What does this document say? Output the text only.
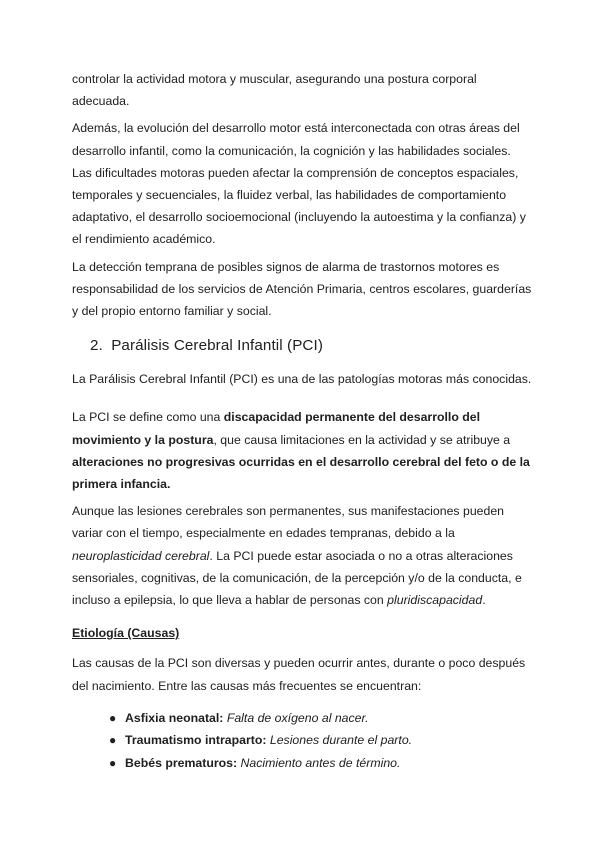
controlar la actividad motora y muscular, asegurando una postura corporal adecuada.

Además, la evolución del desarrollo motor está interconectada con otras áreas del desarrollo infantil, como la comunicación, la cognición y las habilidades sociales. Las dificultades motoras pueden afectar la comprensión de conceptos espaciales, temporales y secuenciales, la fluidez verbal, las habilidades de comportamiento adaptativo, el desarrollo socioemocional (incluyendo la autoestima y la confianza) y el rendimiento académico.

La detección temprana de posibles signos de alarma de trastornos motores es responsabilidad de los servicios de Atención Primaria, centros escolares, guarderías y del propio entorno familiar y social.

2. Parálisis Cerebral Infantil (PCI)

La Parálisis Cerebral Infantil (PCI) es una de las patologías motoras más conocidas.

La PCI se define como una discapacidad permanente del desarrollo del movimiento y la postura, que causa limitaciones en la actividad y se atribuye a alteraciones no progresivas ocurridas en el desarrollo cerebral del feto o de la primera infancia.

Aunque las lesiones cerebrales son permanentes, sus manifestaciones pueden variar con el tiempo, especialmente en edades tempranas, debido a la neuroplasticidad cerebral. La PCI puede estar asociada o no a otras alteraciones sensoriales, cognitivas, de la comunicación, de la percepción y/o de la conducta, e incluso a epilepsia, lo que lleva a hablar de personas con pluridiscapacidad.

Etiología (Causas)

Las causas de la PCI son diversas y pueden ocurrir antes, durante o poco después del nacimiento. Entre las causas más frecuentes se encuentran:

● Asfixia neonatal: Falta de oxígeno al nacer.
● Traumatismo intraparto: Lesiones durante el parto.
● Bebés prematuros: Nacimiento antes de término.
